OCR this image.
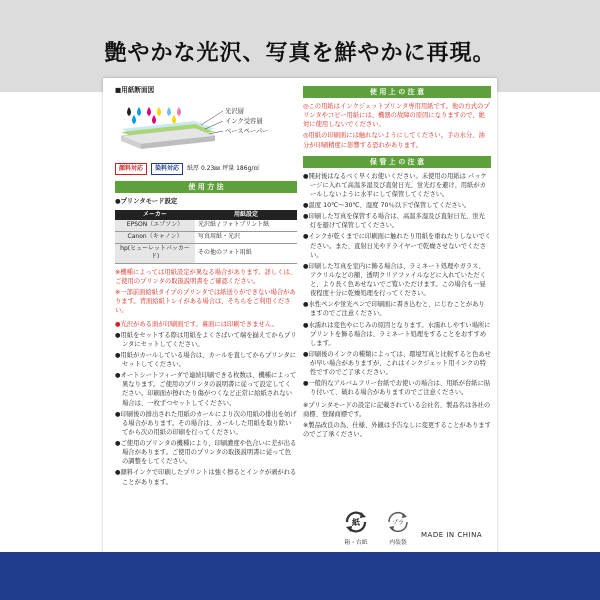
艶やかな光沢、写真を鮮やかに再現。
■用紙断面図
光沢層
インク受容層
ベースペーパー
顔料対応	染料対応	紙厚 0.23㎜ 坪量 186g/㎡
使 用 方 法
●プリンタモード設定
メーカー	用紙設定
EPSON（エプソン）	光沢紙 / フォトプリント紙
Canon（キャノン）	写真用紙・光沢
hp(ヒューレットパッカード)	その他のフォト用紙

※機種によっては用紙設定が異なる場合があります。詳しくは、ご使用のプリンタの取扱説明書をご確認ください。

※一部前面給紙タイプのプリンタでは紙送りができない場合があります。背面給紙トレイがある場合は、そちらをご利用ください。

●光沢がある面が印刷面です。裏面には印刷できません。

●用紙をセットする際は用紙をよくさばいて端を揃えてからプリンタにセットしてください。

●用紙がカールしている場合は、カールを直してからプリンタにセットしてください。

●オートシートフィーダで連続印刷できる枚数は、機種によって異なります。ご使用のプリンタの説明書に従って設定してください。印刷面が擦れたり傷がつくなど正常に給紙されない場合は、一枚ずつセットしてください。

●印刷後の排出された用紙のカールにより次の用紙の排出を妨げる場合があります。その場合は、カールした用紙を取り除いてから次の用紙の印刷を行ってください。

●ご使用のプリンタの機種により、印刷濃度や色合いに差が出る場合があります。ご使用のプリンタの取扱説明書に従って色の調整をしてください。

●顔料インクで印刷したプリントは強く擦るとインクが剥がれることがあります。

使 用 上 の 注 意

◎この用紙はインクジェットプリンタ専用用紙です。他の方式のプリンタやコピー用紙には、機器の故障の原因になりますので、絶対に使用しないでください。

◎用紙の印刷面には触れないようにしてください。手の水分、油分が印刷精度に影響する恐れがあります。

保 管 上 の 注 意

●開封後はなるべく早くお使いください。未使用の用紙は パッケージに入れて高温多湿及び直射日光、蛍光灯を避け、用紙がカールしないように水平にして保管してください。

●温度 10℃〜30℃、湿度 70％以下で保管してください。

●印刷した写真を保管する場合は、高温多湿及び直射日光、蛍光灯を避けて保管してください。

●インクが乾くまでに印刷面に触れたり用紙を重ねたりしないでください。また、直射日光やドライヤーで乾燥させないでください。

●印刷した写真を室内に飾る場合は、ラミネート処理やガラス、アクリルなどの額、透明クリアファイルなどに入れていただくと、より長く色あせないでご覧いただけます。この場合も一昼夜程度十分に乾燥処理を行ってください。

●水性ペンや蛍光ペンで印刷面に書き込むと、にじむことがありますのでご注意ください。

●水濡れは変色やにじみの原因となります。水濡れしやすい場所にプリントを飾る場合は、ラミネート処理をすることをおすすめします。

●印刷後のインクの種類によっては、環境写真と比較すると色あせが早い場合がありますが、これはインクジェット用インクの特性ですのでご了承ください。

●一般的なアルバムフリー台紙でお使いの場合は、用紙が台紙に貼り付いて、破れる場合がありますのでご注意ください。

※プリンタモードの設定に記載されている会社名、製品名は各社の商標、登録商標です。

※製品改良の為、仕様、外観は予告なしに変更することがありますのでご了承ください。

紙
箱・台紙
プラ
内装袋
MADE IN CHINA
